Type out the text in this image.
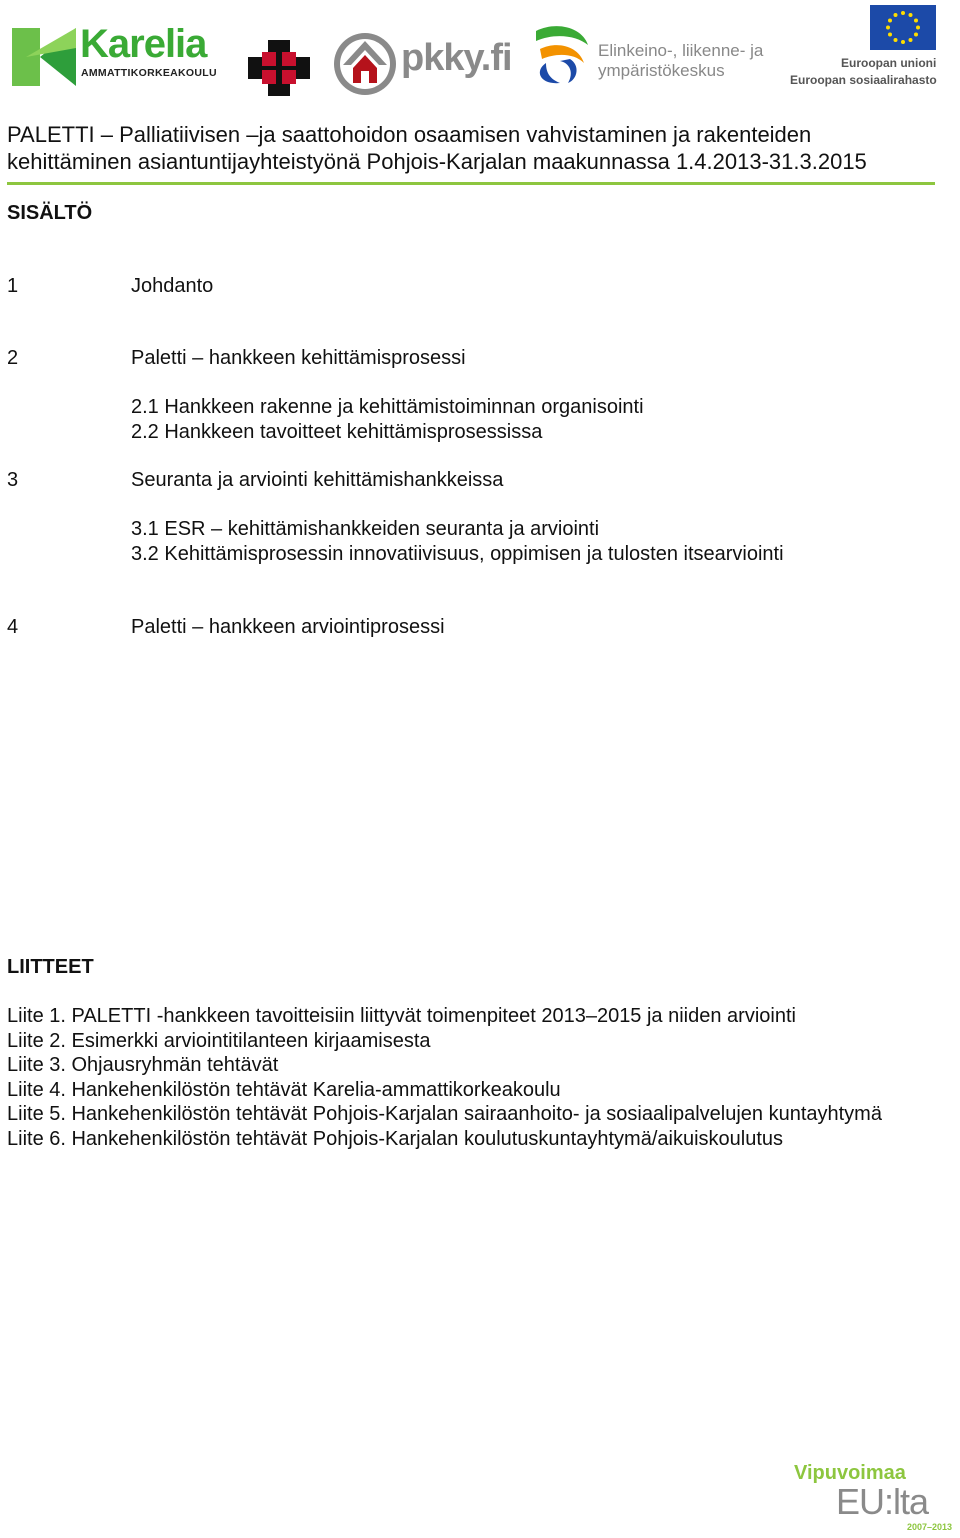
Karelia
AMMATTIKORKEAKOULU	pkky.fi	Elinkeino-, liikenne- ja
ympäristökeskus	Euroopan unioni
Euroopan sosiaalirahasto
PALETTI – Palliatiivisen –ja saattohoidon osaamisen vahvistaminen ja rakenteiden
kehittäminen asiantuntijayhteistyönä Pohjois-Karjalan maakunnassa 1.4.2013-31.3.2015
SISÄLTÖ
1	Johdanto
2	Paletti – hankkeen kehittämisprosessi
2.1 Hankkeen rakenne ja kehittämistoiminnan organisointi
2.2 Hankkeen tavoitteet kehittämisprosessissa
3	Seuranta ja arviointi kehittämishankkeissa
3.1 ESR – kehittämishankkeiden seuranta ja arviointi
3.2 Kehittämisprosessin innovatiivisuus, oppimisen ja tulosten itsearviointi
4	Paletti – hankkeen arviointiprosessi
LIITTEET
Liite 1. PALETTI -hankkeen tavoitteisiin liittyvät toimenpiteet 2013–2015 ja niiden arviointi
Liite 2. Esimerkki arviointitilanteen kirjaamisesta
Liite 3. Ohjausryhmän tehtävät
Liite 4. Hankehenkilöstön tehtävät Karelia-ammattikorkeakoulu
Liite 5. Hankehenkilöstön tehtävät Pohjois-Karjalan sairaanhoito- ja sosiaalipalvelujen kuntayhtymä
Liite 6. Hankehenkilöstön tehtävät Pohjois-Karjalan koulutuskuntayhtymä/aikuiskoulutus
Vipuvoimaa
EU:lta
2007–2013
